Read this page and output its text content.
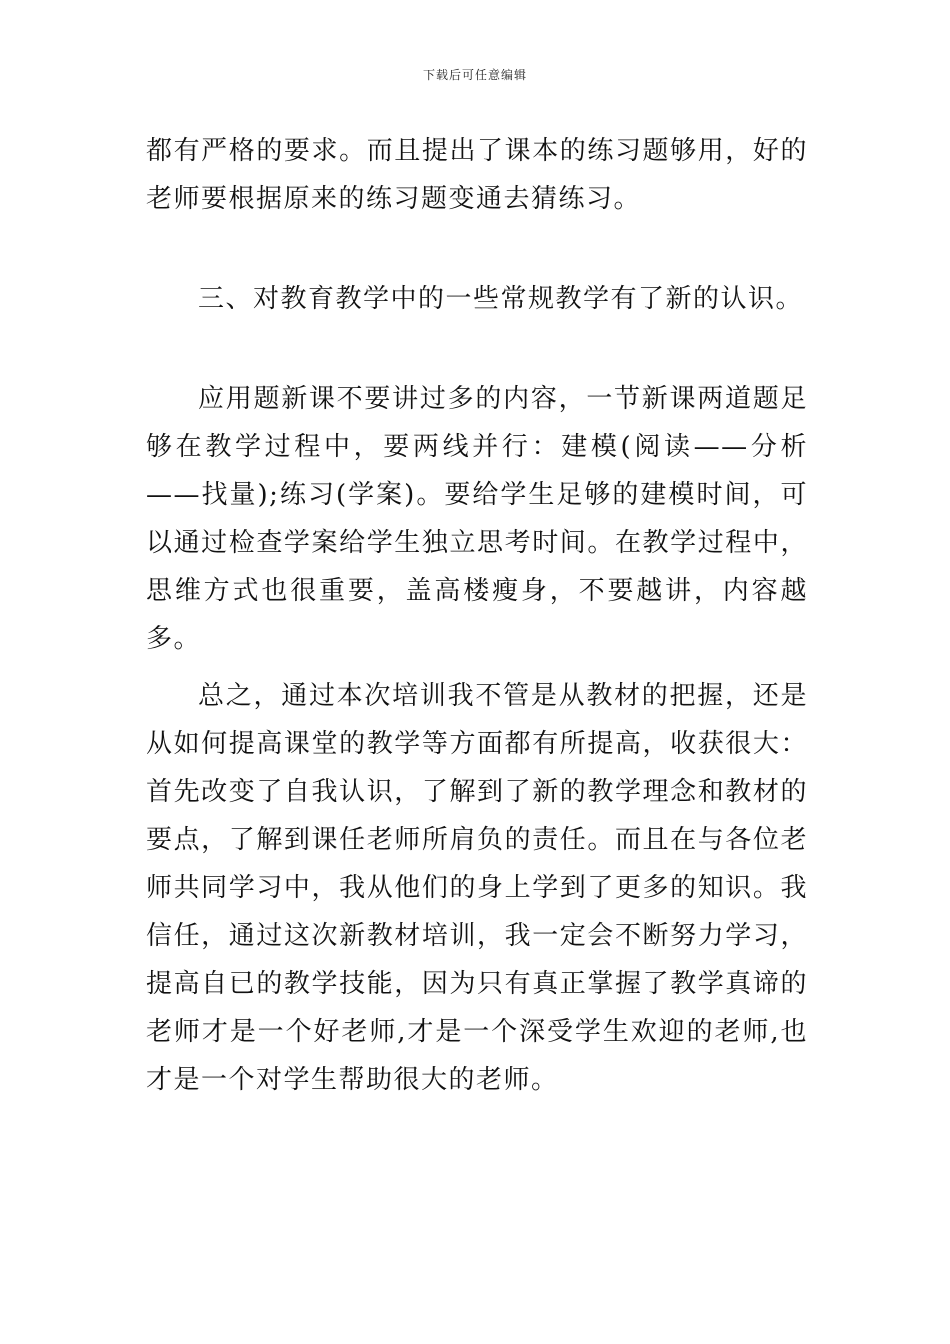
下载后可任意编辑

都有严格的要求。而且提出了课本的练习题够用，好的老师要根据原来的练习题变通去猜练习。

三、对教育教学中的一些常规教学有了新的认识。

应用题新课不要讲过多的内容，一节新课两道题足够在教学过程中，要两线并行：建模(阅读——分析——找量);练习(学案)。要给学生足够的建模时间，可以通过检查学案给学生独立思考时间。在教学过程中，思维方式也很重要，盖高楼瘦身，不要越讲，内容越多。

总之，通过本次培训我不管是从教材的把握，还是从如何提高课堂的教学等方面都有所提高，收获很大：首先改变了自我认识，了解到了新的教学理念和教材的要点，了解到课任老师所肩负的责任。而且在与各位老师共同学习中，我从他们的身上学到了更多的知识。我信任，通过这次新教材培训，我一定会不断努力学习，提高自已的教学技能，因为只有真正掌握了教学真谛的老师才是一个好老师,才是一个深受学生欢迎的老师,也才是一个对学生帮助很大的老师。
